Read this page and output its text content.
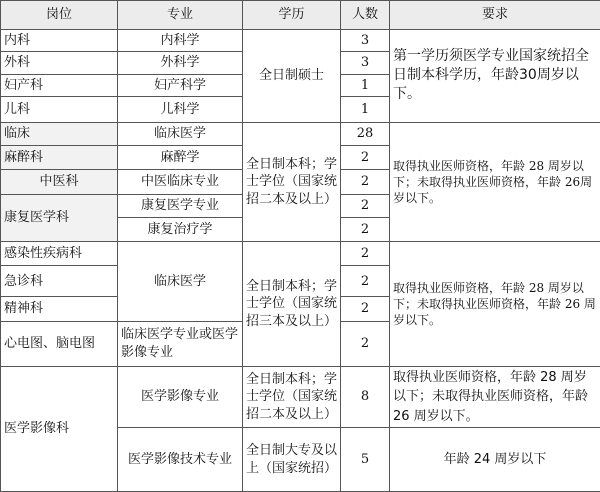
岗位	专业	学历	人数	要求
内科	内科学	全日制硕士	3	第一学历须医学专业国家统招全日制本科学历，年龄30周岁以下。
外科	外科学		3	
妇产科	妇产科学		1	
儿科	儿科学		1	
临床	临床医学	全日制本科；学士学位（国家统招二本及以上）	28	取得执业医师资格，年龄 28 周岁以下；未取得执业医师资格，年龄 26周岁以下。
麻醉科	麻醉学		2	
中医科	中医临床专业		2	
康复医学科	康复医学专业		2	
	康复治疗学		2	
感染性疾病科	临床医学	全日制本科；学士学位（国家统招三本及以上）	2	取得执业医师资格，年龄 28 周岁以下；未取得执业医师资格，年龄 26 周岁以下。
急诊科			2	
精神科			2	
心电图、脑电图	临床医学专业或医学影像专业		2	
医学影像科	医学影像专业	全日制本科；学士学位（国家统招二本及以上）	8	取得执业医师资格，年龄 28 周岁以下；未取得执业医师资格，年龄 26 周岁以下。
	医学影像技术专业	全日制大专及以上（国家统招）	5	年龄 24 周岁以下
